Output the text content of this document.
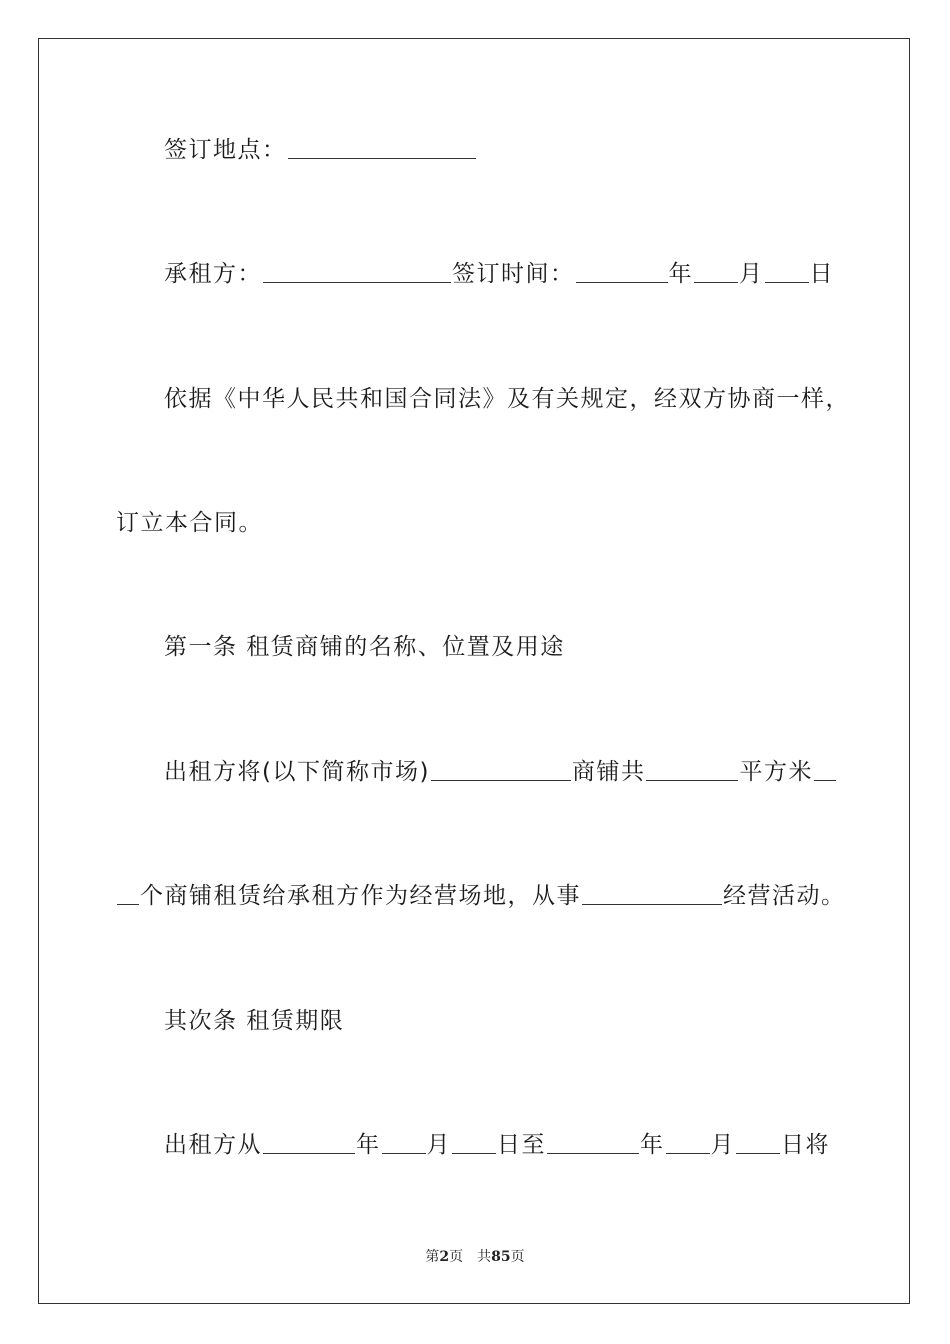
签订地点：
承租方：	签订时间：	年 月 日
依据《中华人民共和国合同法》及有关规定，经双方协商一样，
订立本合同。
第一条 租赁商铺的名称、位置及用途
出租方将(以下简称市场)	商铺共	平方米
个商铺租赁给承租方作为经营场地，从事	经营活动。
其次条 租赁期限
出租方从	年 月 日至	年 月 日将
第2页　共85页
